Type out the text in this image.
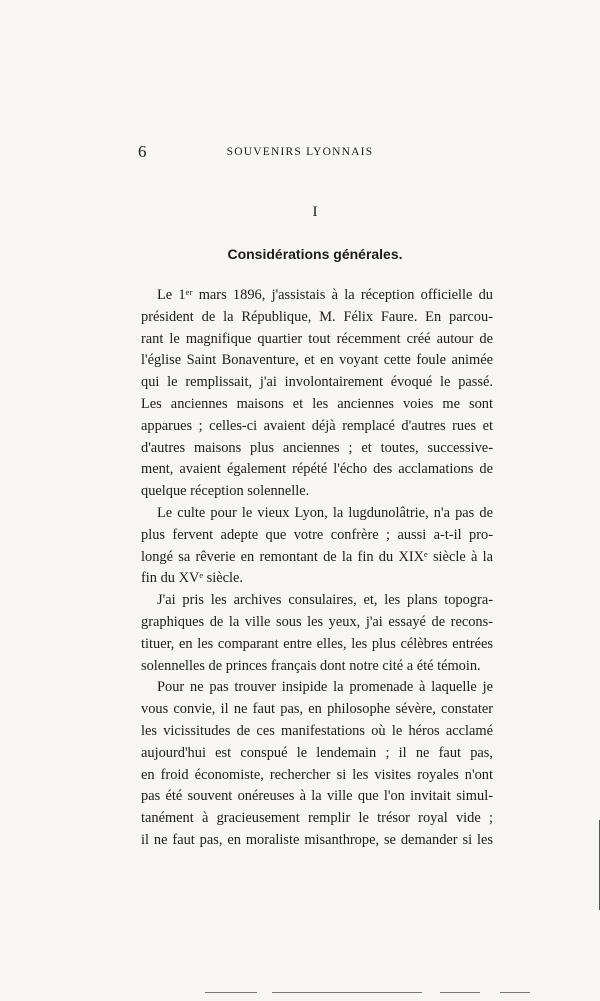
6	SOUVENIRS LYONNAIS
I
Considérations générales.

Le 1ᵉʳ mars 1896, j'assistais à la réception officielle du
président de la République, M. Félix Faure. En parcou-
rant le magnifique quartier tout récemment créé autour de
l'église Saint Bonaventure, et en voyant cette foule animée
qui le remplissait, j'ai involontairement évoqué le passé.
Les anciennes maisons et les anciennes voies me sont
apparues ; celles-ci avaient déjà remplacé d'autres rues et
d'autres maisons plus anciennes ; et toutes, successive-
ment, avaient également répété l'écho des acclamations de
quelque réception solennelle.

Le culte pour le vieux Lyon, la lugdunolâtrie, n'a pas de
plus fervent adepte que votre confrère ; aussi a-t-il pro-
longé sa rêverie en remontant de la fin du XIXᵉ siècle à la
fin du XVᵉ siècle.

J'ai pris les archives consulaires, et, les plans topogra-
graphiques de la ville sous les yeux, j'ai essayé de recons-
tituer, en les comparant entre elles, les plus célèbres entrées
solennelles de princes français dont notre cité a été témoin.

Pour ne pas trouver insipide la promenade à laquelle je
vous convie, il ne faut pas, en philosophe sévère, constater
les vicissitudes de ces manifestations où le héros acclamé
aujourd'hui est conspué le lendemain ; il ne faut pas,
en froid économiste, rechercher si les visites royales n'ont
pas été souvent onéreuses à la ville que l'on invitait simul-
tanément à gracieusement remplir le trésor royal vide ;
il ne faut pas, en moraliste misanthrope, se demander si les
